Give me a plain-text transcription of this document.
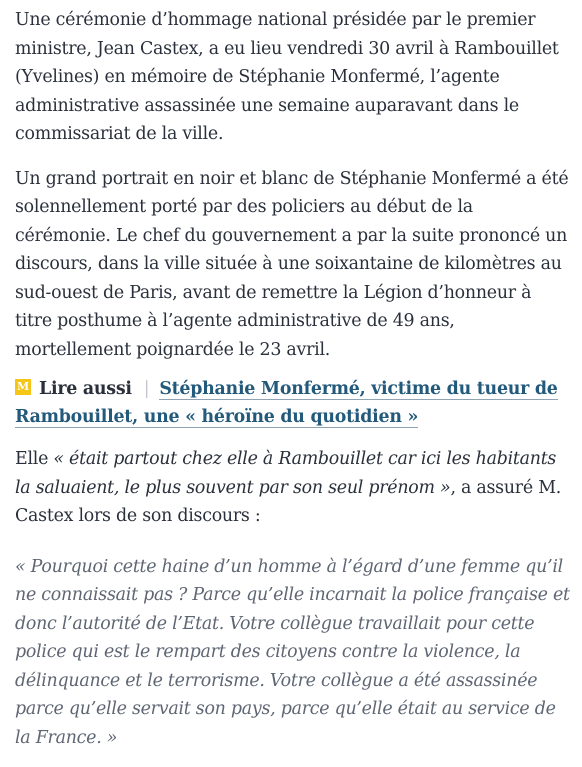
Une cérémonie d’hommage national présidée par le premier ministre, Jean Castex, a eu lieu vendredi 30 avril à Rambouillet (Yvelines) en mémoire de Stéphanie Monfermé, l’agente administrative assassinée une semaine auparavant dans le commissariat de la ville.

Un grand portrait en noir et blanc de Stéphanie Monfermé a été solennellement porté par des policiers au début de la cérémonie. Le chef du gouvernement a par la suite prononcé un discours, dans la ville située à une soixantaine de kilomètres au sud-ouest de Paris, avant de remettre la Légion d’honneur à titre posthume à l’agente administrative de 49 ans, mortellement poignardée le 23 avril.

M Lire aussi | Stéphanie Monfermé, victime du tueur de Rambouillet, une « héroïne du quotidien »

Elle « était partout chez elle à Rambouillet car ici les habitants la saluaient, le plus souvent par son seul prénom », a assuré M. Castex lors de son discours :

« Pourquoi cette haine d’un homme à l’égard d’une femme qu’il ne connaissait pas ? Parce qu’elle incarnait la police française et donc l’autorité de l’Etat. Votre collègue travaillait pour cette police qui est le rempart des citoyens contre la violence, la délinquance et le terrorisme. Votre collègue a été assassinée parce qu’elle servait son pays, parce qu’elle était au service de la France. »
